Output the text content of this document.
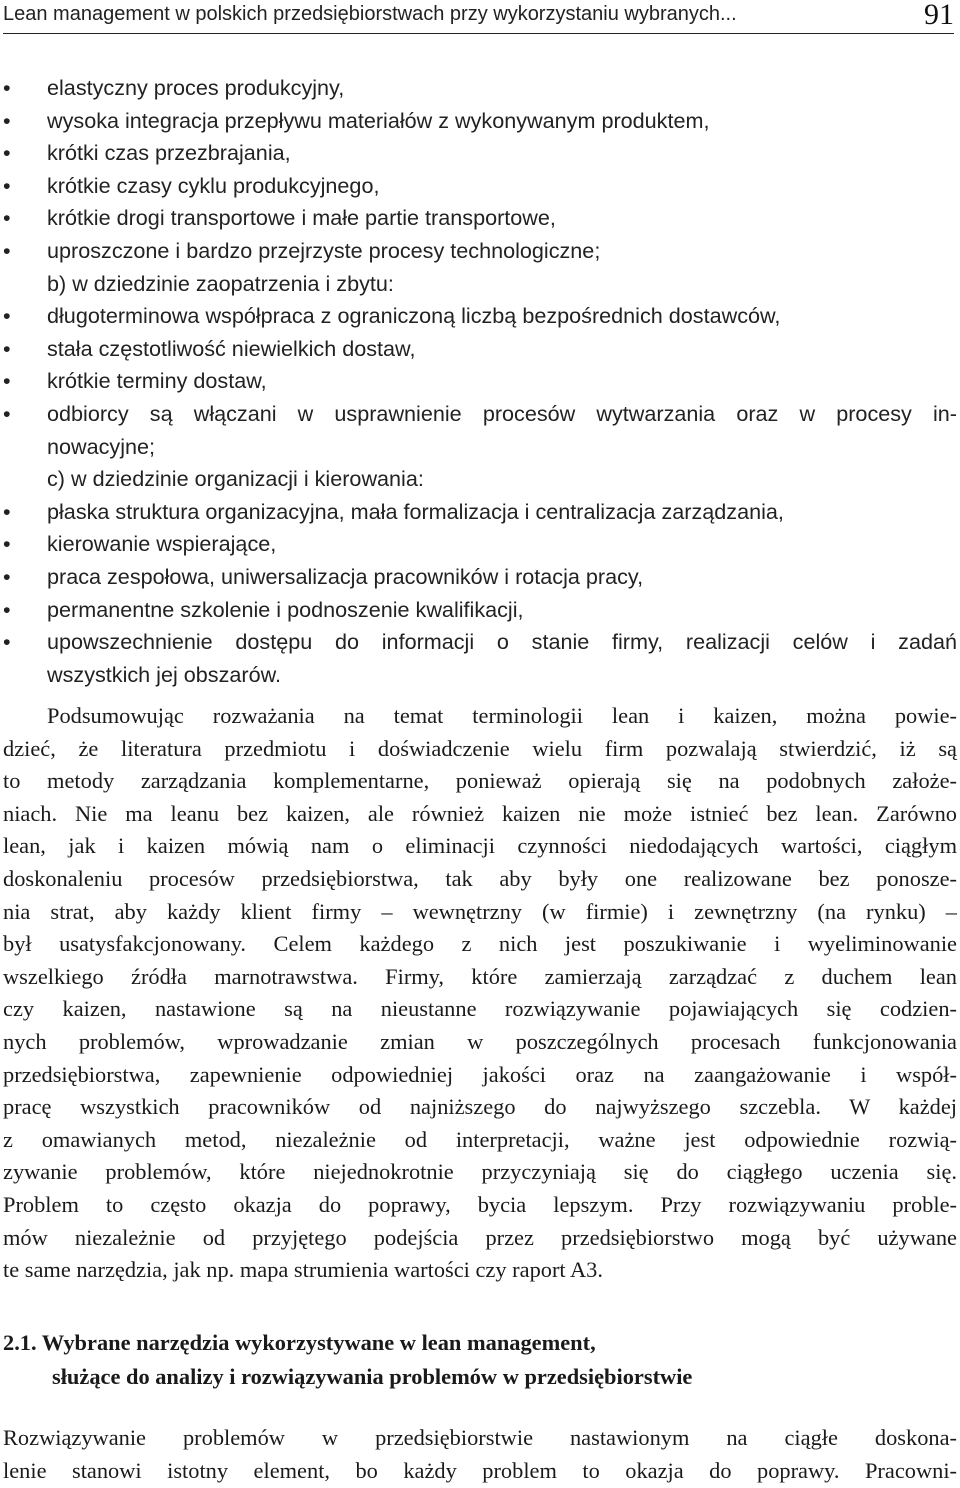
Lean management w polskich przedsiębiorstwach przy wykorzystaniu wybranych...	91
•	elastyczny proces produkcyjny,
•	wysoka integracja przepływu materiałów z wykonywanym produktem,
•	krótki czas przezbrajania,
•	krótkie czasy cyklu produkcyjnego,
•	krótkie drogi transportowe i małe partie transportowe,
•	uproszczone i bardzo przejrzyste procesy technologiczne;
b) w dziedzinie zaopatrzenia i zbytu:
•	długoterminowa współpraca z ograniczoną liczbą bezpośrednich dostawców,
•	stała częstotliwość niewielkich dostaw,
•	krótkie terminy dostaw,
•	odbiorcy są włączani w usprawnienie procesów wytwarzania oraz w procesy in-
nowacyjne;
c) w dziedzinie organizacji i kierowania:
•	płaska struktura organizacyjna, mała formalizacja i centralizacja zarządzania,
•	kierowanie wspierające,
•	praca zespołowa, uniwersalizacja pracowników i rotacja pracy,
•	permanentne szkolenie i podnoszenie kwalifikacji,
•	upowszechnienie dostępu do informacji o stanie firmy, realizacji celów i zadań
wszystkich jej obszarów.
Podsumowując rozważania na temat terminologii lean i kaizen, można powie-
dzieć, że literatura przedmiotu i doświadczenie wielu firm pozwalają stwierdzić, iż są
to metody zarządzania komplementarne, ponieważ opierają się na podobnych założe-
niach. Nie ma leanu bez kaizen, ale również kaizen nie może istnieć bez lean. Zarówno
lean, jak i kaizen mówią nam o eliminacji czynności niedodających wartości, ciągłym
doskonaleniu procesów przedsiębiorstwa, tak aby były one realizowane bez ponosze-
nia strat, aby każdy klient firmy – wewnętrzny (w firmie) i zewnętrzny (na rynku) –
był usatysfakcjonowany. Celem każdego z nich jest poszukiwanie i wyeliminowanie
wszelkiego źródła marnotrawstwa. Firmy, które zamierzają zarządzać z duchem lean
czy kaizen, nastawione są na nieustanne rozwiązywanie pojawiających się codzien-
nych problemów, wprowadzanie zmian w poszczególnych procesach funkcjonowania
przedsiębiorstwa, zapewnienie odpowiedniej jakości oraz na zaangażowanie i współ-
pracę wszystkich pracowników od najniższego do najwyższego szczebla. W każdej
z omawianych metod, niezależnie od interpretacji, ważne jest odpowiednie rozwią-
zywanie problemów, które niejednokrotnie przyczyniają się do ciągłego uczenia się.
Problem to często okazja do poprawy, bycia lepszym. Przy rozwiązywaniu proble-
mów niezależnie od przyjętego podejścia przez przedsiębiorstwo mogą być używane
te same narzędzia, jak np. mapa strumienia wartości czy raport A3.
2.1. Wybrane narzędzia wykorzystywane w lean management,
służące do analizy i rozwiązywania problemów w przedsiębiorstwie
Rozwiązywanie problemów w przedsiębiorstwie nastawionym na ciągłe doskona-
lenie stanowi istotny element, bo każdy problem to okazja do poprawy. Pracowni-
